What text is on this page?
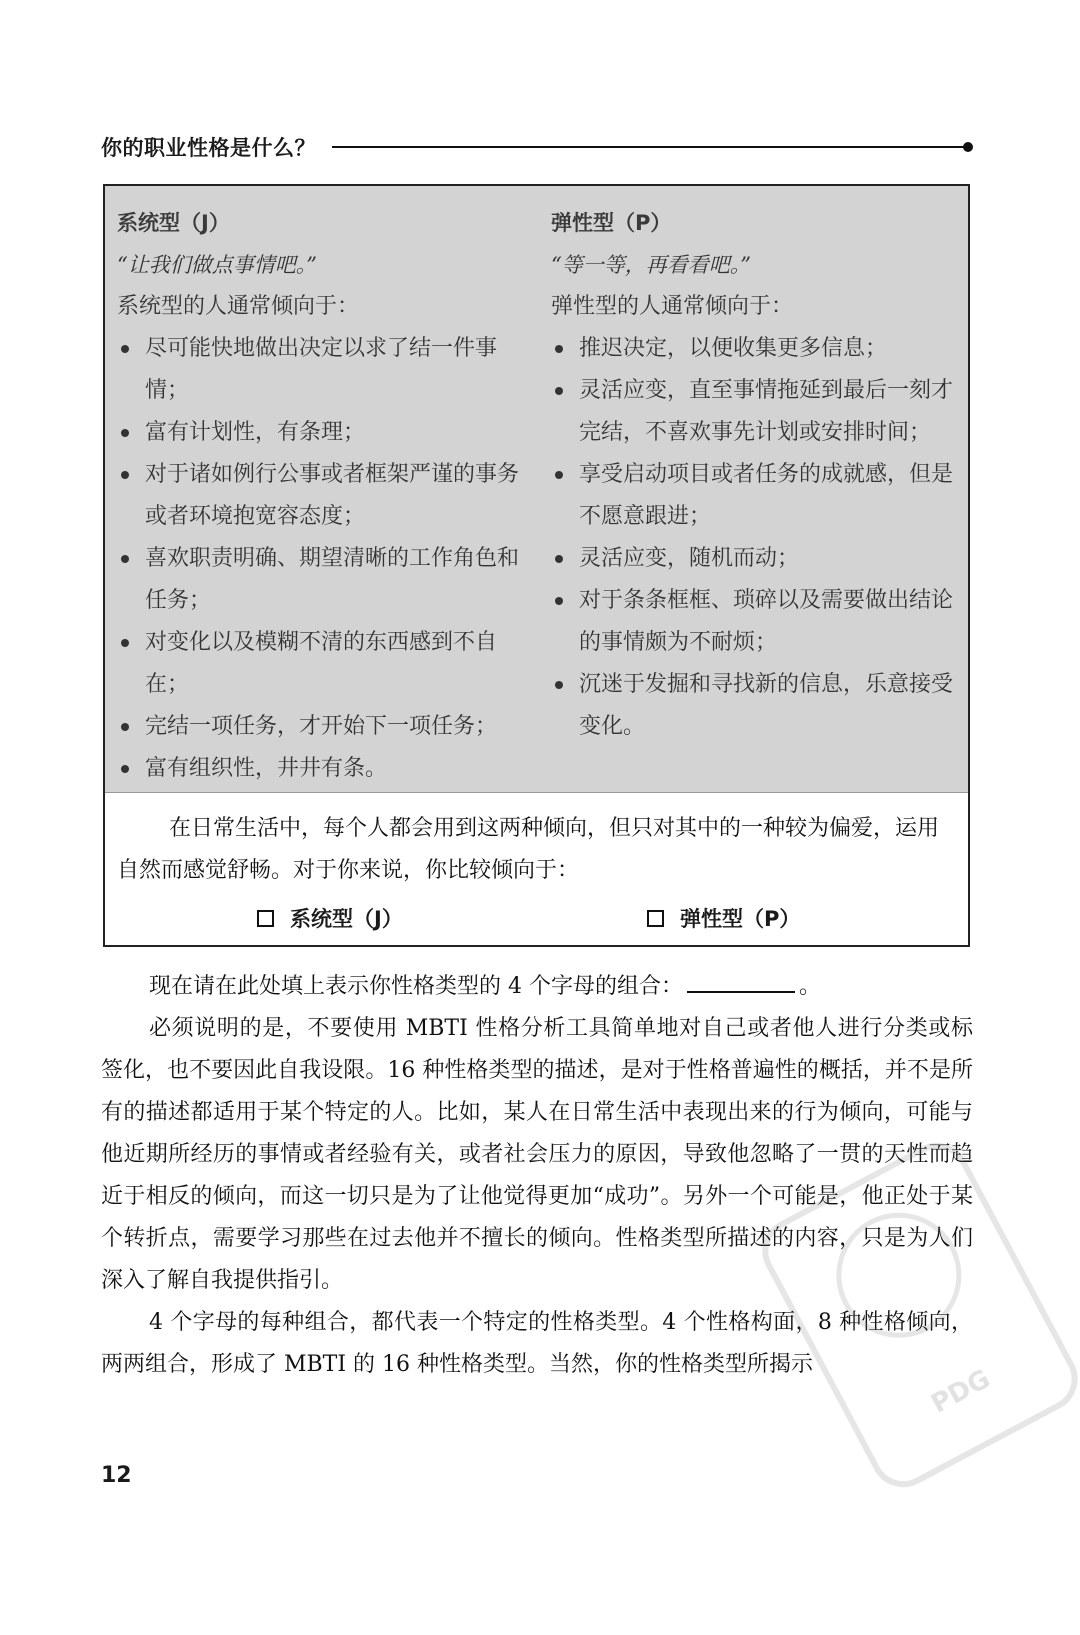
你的职业性格是什么？
系统型（J）
“让我们做点事情吧。”
系统型的人通常倾向于：
尽可能快地做出决定以求了结一件事情；
富有计划性，有条理；
对于诸如例行公事或者框架严谨的事务或者环境抱宽容态度；
喜欢职责明确、期望清晰的工作角色和任务；
对变化以及模糊不清的东西感到不自在；
完结一项任务，才开始下一项任务；
富有组织性，井井有条。
弹性型（P）
“等一等，再看看吧。”
弹性型的人通常倾向于：
推迟决定，以便收集更多信息；
灵活应变，直至事情拖延到最后一刻才完结，不喜欢事先计划或安排时间；
享受启动项目或者任务的成就感，但是不愿意跟进；
灵活应变，随机而动；
对于条条框框、琐碎以及需要做出结论的事情颇为不耐烦；
沉迷于发掘和寻找新的信息，乐意接受变化。
在日常生活中，每个人都会用到这两种倾向，但只对其中的一种较为偏爱，运用自然而感觉舒畅。对于你来说，你比较倾向于：
系统型（J）	弹性型（P）

现在请在此处填上表示你性格类型的 4 个字母的组合：	。

必须说明的是，不要使用 MBTI 性格分析工具简单地对自己或者他人进行分类或标签化，也不要因此自我设限。16 种性格类型的描述，是对于性格普遍性的概括，并不是所有的描述都适用于某个特定的人。比如，某人在日常生活中表现出来的行为倾向，可能与他近期所经历的事情或者经验有关，或者社会压力的原因，导致他忽略了一贯的天性而趋近于相反的倾向，而这一切只是为了让他觉得更加“成功”。另外一个可能是，他正处于某个转折点，需要学习那些在过去他并不擅长的倾向。性格类型所描述的内容，只是为人们深入了解自我提供指引。

4 个字母的每种组合，都代表一个特定的性格类型。4 个性格构面，8 种性格倾向，两两组合，形成了 MBTI 的 16 种性格类型。当然，你的性格类型所揭示

12
PDG
